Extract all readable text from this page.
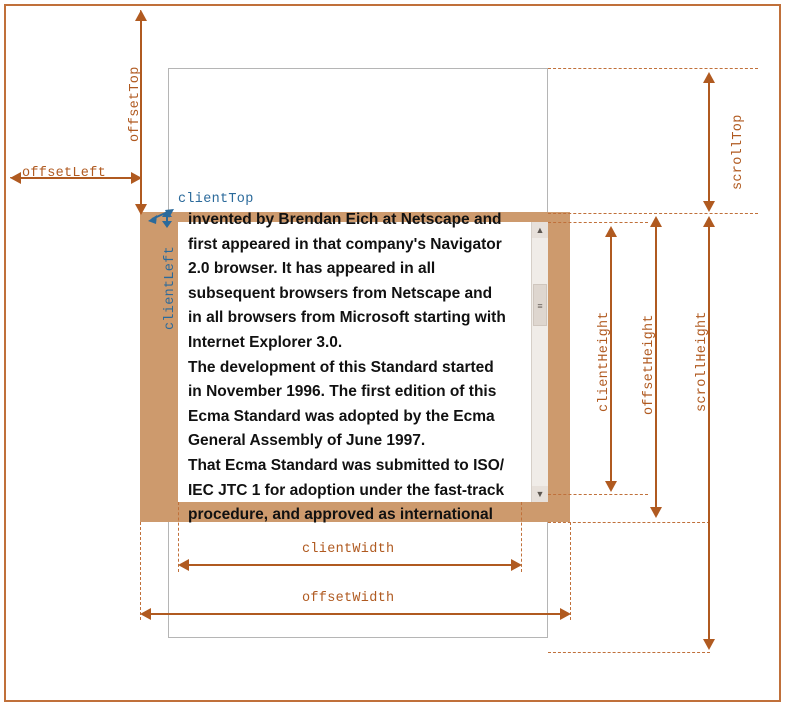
invented by Brendan Eich at Netscape and

first appeared in that company's Navigator

2.0 browser. It has appeared in all

subsequent browsers from Netscape and

in all browsers from Microsoft starting with

Internet Explorer 3.0.

The development of this Standard started

in November 1996. The first edition of this

Ecma Standard was adopted by the Ecma

General Assembly of June 1997.

That Ecma Standard was submitted to ISO/

IEC JTC 1 for adoption under the fast-track

procedure, and approved as international

▲
≡
▼
offsetTop
offsetLeft
clientTop
clientLeft
scrollTop
clientHeight offsetHeight	scrollHeight
clientWidth
offsetWidth
